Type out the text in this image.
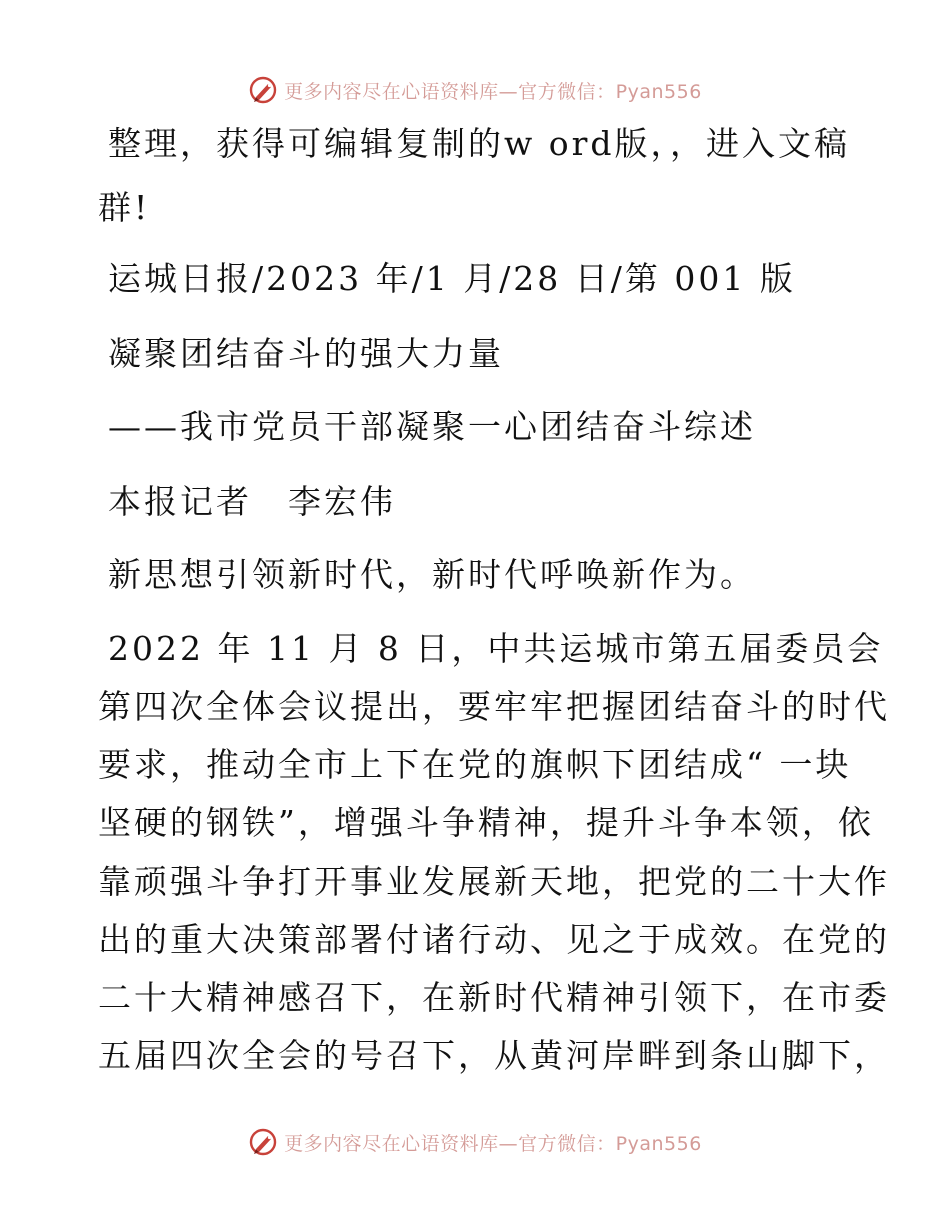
更多内容尽在心语资料库—官方微信：Pyan556
整理，获得可编辑复制的w ord版，，进入文稿
群!
运城日报/2023 年/1 月/28 日/第 001 版
凝聚团结奋斗的强大力量
——我市党员干部凝聚一心团结奋斗综述
本报记者　李宏伟
新思想引领新时代，新时代呼唤新作为。
2022 年 11 月 8 日，中共运城市第五届委员会
第四次全体会议提出，要牢牢把握团结奋斗的时代
要求，推动全市上下在党的旗帜下团结成“ 一块
坚硬的钢铁”，增强斗争精神，提升斗争本领，依
靠顽强斗争打开事业发展新天地，把党的二十大作
出的重大决策部署付诸行动、见之于成效。在党的
二十大精神感召下，在新时代精神引领下，在市委
五届四次全会的号召下，从黄河岸畔到条山脚下，
更多内容尽在心语资料库—官方微信：Pyan556
